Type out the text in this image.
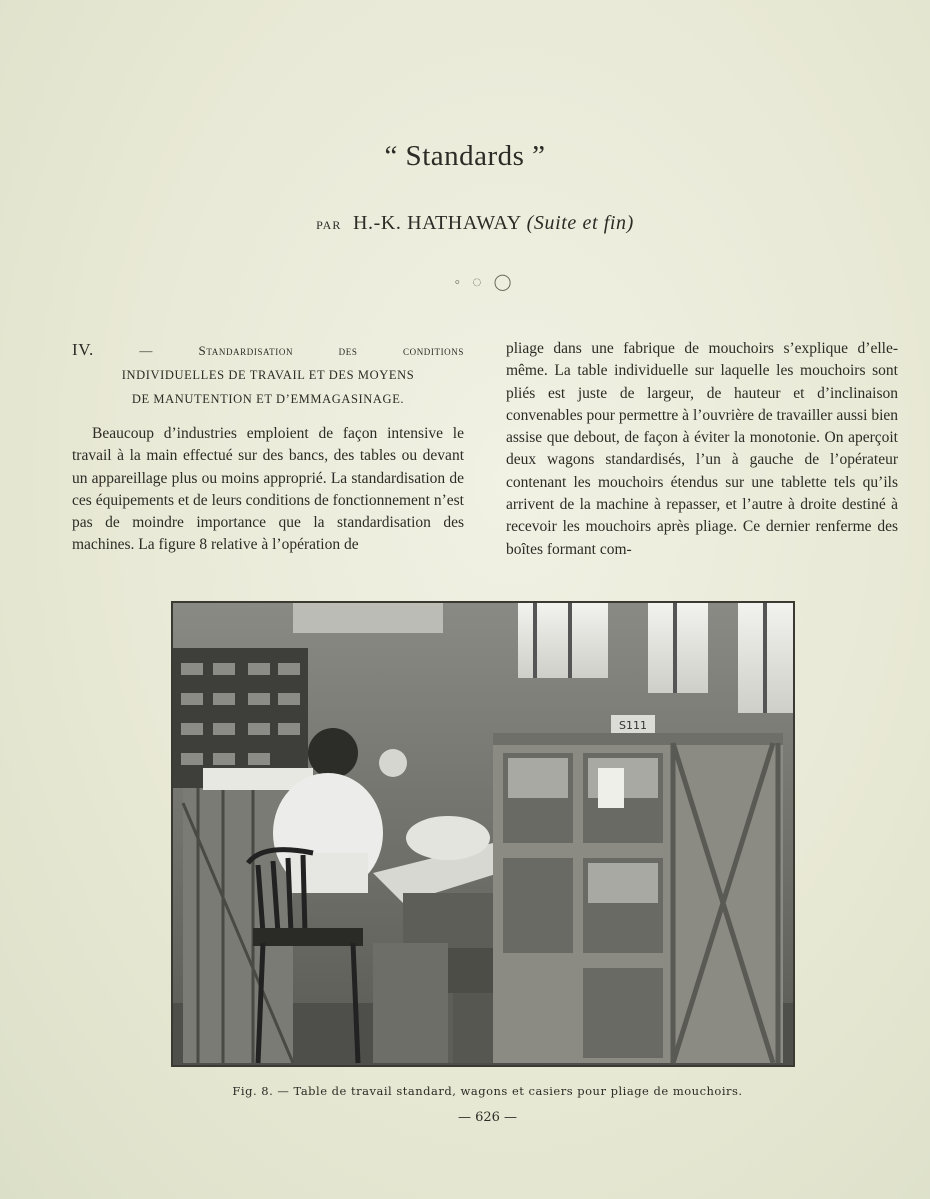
“ Standards ”
PAR H.-K. HATHAWAY (Suite et fin)
◦ ◌ ◯
IV.	— Standardisation des conditions
INDIVIDUELLES DE TRAVAIL ET DES MOYENS
DE MANUTENTION ET D’EMMAGASINAGE.

Beaucoup d’industries emploient de façon intensive le travail à la main effectué sur des bancs, des tables ou devant un appareillage plus ou moins approprié. La standardisation de ces équipements et de leurs conditions de fonctionnement n’est pas de moindre importance que la standardisation des machines. La figure 8 relative à l’opération de

pliage dans une fabrique de mouchoirs s’explique d’elle-même. La table individuelle sur laquelle les mouchoirs sont pliés est juste de largeur, de hauteur et d’inclinaison convenables pour permettre à l’ouvrière de travailler aussi bien assise que debout, de façon à éviter la monotonie. On aperçoit deux wagons standardisés, l’un à gauche de l’opérateur contenant les mouchoirs étendus sur une tablette tels qu’ils arrivent de la machine à repasser, et l’autre à droite destiné à recevoir les mouchoirs après pliage. Ce dernier renferme des boîtes formant com-

S111
Fig. 8. — Table de travail standard, wagons et casiers pour pliage de mouchoirs.
— 626 —
